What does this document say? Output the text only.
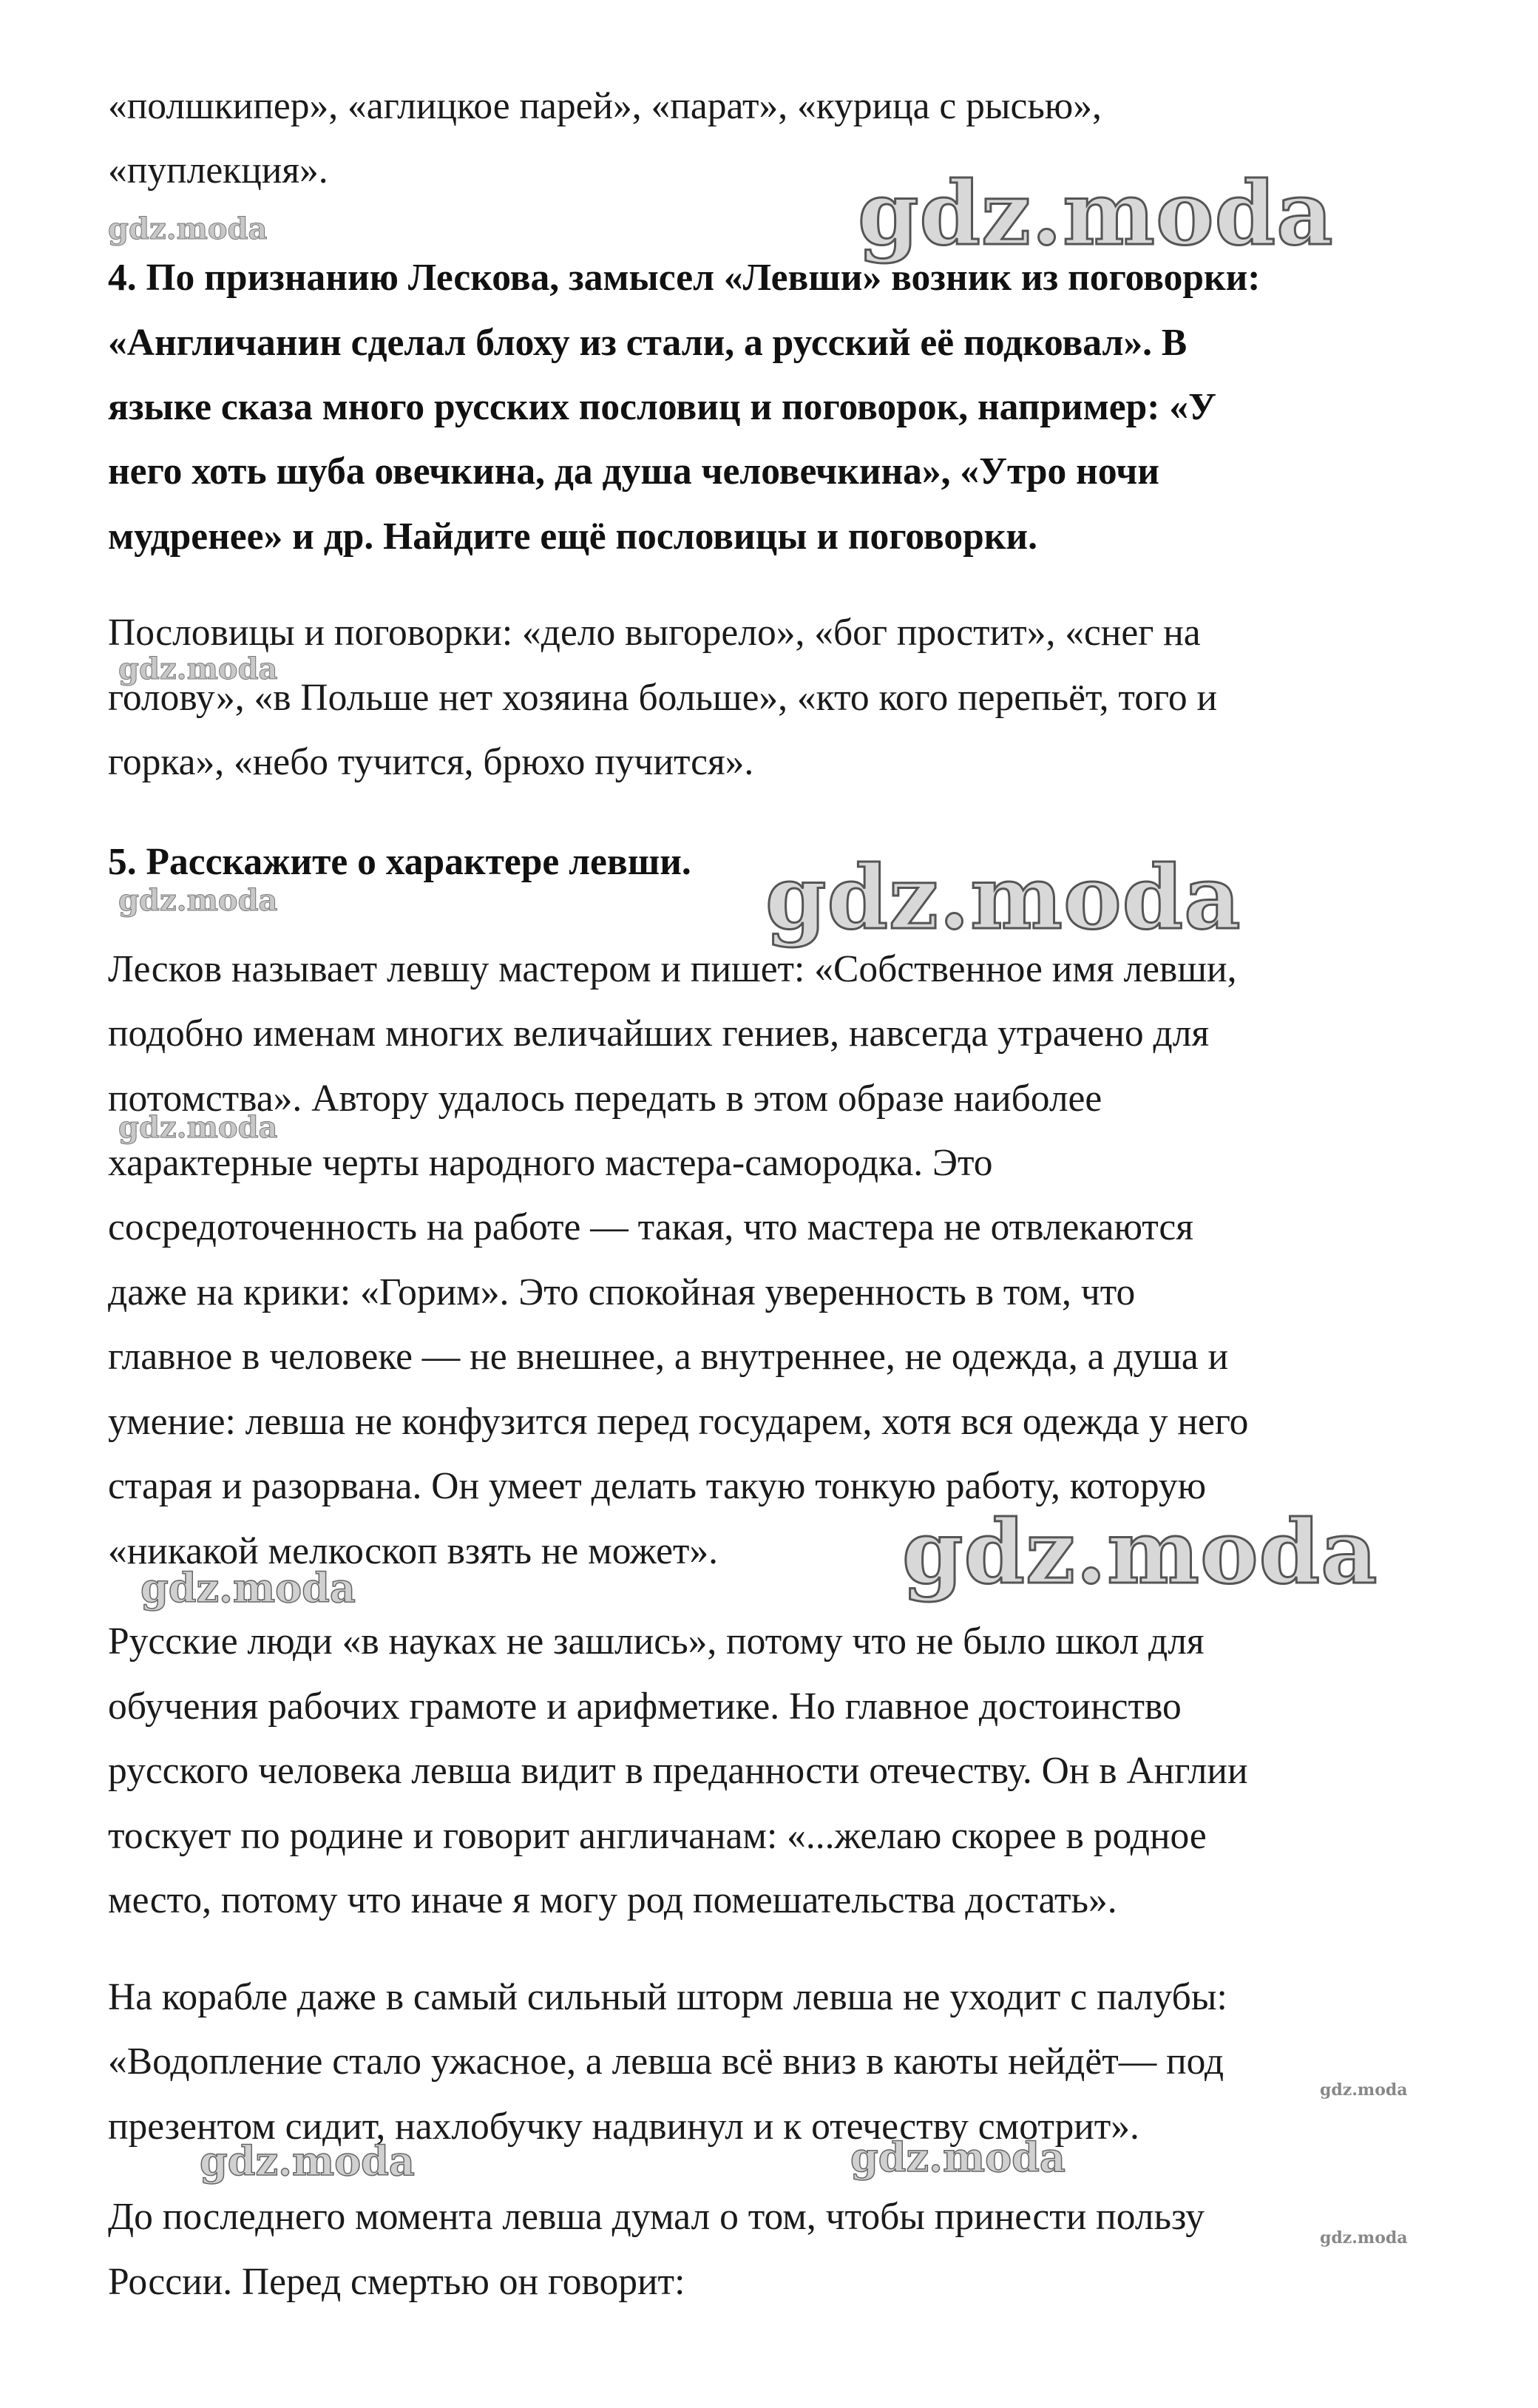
«полшкипер», «аглицкое парей», «парат», «курица с рысью»,
«пуплекция».
4. По признанию Лескова, замысел «Левши» возник из поговорки:
«Англичанин сделал блоху из стали, а русский её подковал». В
языке сказа много русских пословиц и поговорок, например: «У
него хоть шуба овечкина, да душа человечкина», «Утро ночи
мудренее» и др. Найдите ещё пословицы и поговорки.
Пословицы и поговорки: «дело выгорело», «бог простит», «снег на
голову», «в Польше нет хозяина больше», «кто кого перепьёт, того и
горка», «небо тучится, брюхо пучится».
5. Расскажите о характере левши.
Лесков называет левшу мастером и пишет: «Собственное имя левши,
подобно именам многих величайших гениев, навсегда утрачено для
потомства». Автору удалось передать в этом образе наиболее
характерные черты народного мастера-самородка. Это
сосредоточенность на работе — такая, что мастера не отвлекаются
даже на крики: «Горим». Это спокойная уверенность в том, что
главное в человеке — не внешнее, а внутреннее, не одежда, а душа и
умение: левша не конфузится перед государем, хотя вся одежда у него
старая и разорвана. Он умеет делать такую тонкую работу, которую
«никакой мелкоскоп взять не может».
Русские люди «в науках не зашлись», потому что не было школ для
обучения рабочих грамоте и арифметике. Но главное достоинство
русского человека левша видит в преданности отечеству. Он в Англии
тоскует по родине и говорит англичанам: «...желаю скорее в родное
место, потому что иначе я могу род помешательства достать».
На корабле даже в самый сильный шторм левша не уходит с палубы:
«Водопление стало ужасное, а левша всё вниз в каюты нейдёт— под
презентом сидит, нахлобучку надвинул и к отечеству смотрит».
До последнего момента левша думал о том, чтобы принести пользу
России. Перед смертью он говорит:
gdz.moda
gdz.moda
gdz.moda
gdz.moda
gdz.moda
gdz.moda
gdz.moda
gdz.moda
gdz.moda	gdz.moda
gdz.moda
gdz.moda
